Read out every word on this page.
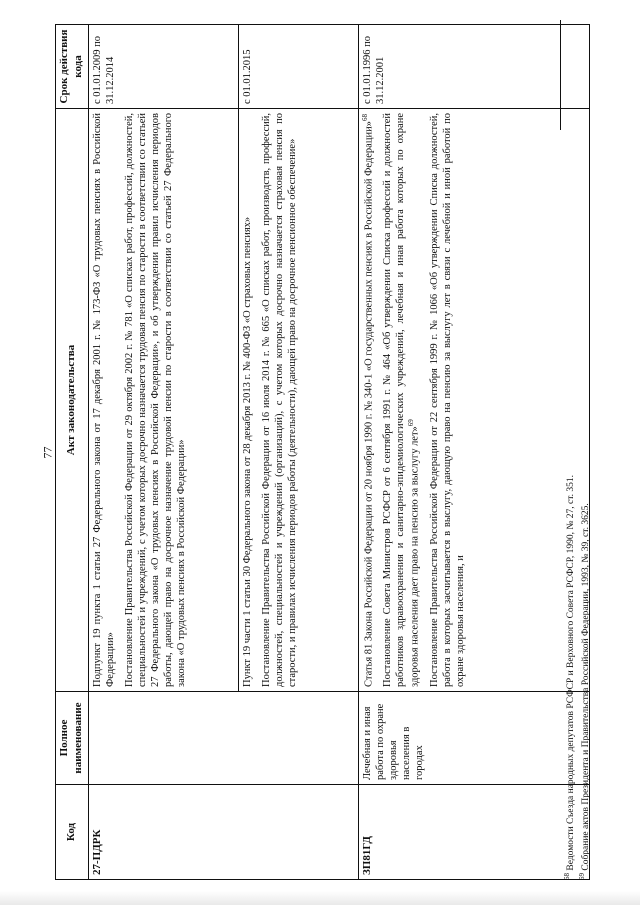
77
Код	Полное наименование	Акт законодательства	Срок действия кода
27-ПДРК		Подпункт 19 пункта 1 статьи 27 Федерального закона от 17 декабря 2001 г. № 173-ФЗ «О трудовых пенсиях в Российской Федерации» Постановление Правительства Российской Федерации от 29 октября 2002 г. № 781 «О списках работ, профессий, должностей, специальностей и учреждений, с учетом которых досрочно назначается трудовая пенсия по старости в соответствии со статьей 27 Федерального закона «О трудовых пенсиях в Российской Федерации», и об утверждении правил исчисления периодов работы, дающей право на досрочное назначение трудовой пенсии по старости в соответствии со статьей 27 Федерального закона «О трудовых пенсиях в Российской Федерации»	с 01.01.2009 по 31.12.2014

		Пункт 19 части 1 статьи 30 Федерального закона от 28 декабря 2013 г. № 400-ФЗ «О страховых пенсиях» Постановление Правительства Российской Федерации от 16 июля 2014 г. № 665 «О списках работ, производств, профессий, должностей, специальностей и учреждений (организаций), с учетом которых досрочно назначается страховая пенсия по старости, и правилах исчисления периодов работы (деятельности), дающей право на досрочное пенсионное обеспечение»	с 01.01.2015

ЗП81ГД	Лечебная и иная работа по охране здоровья населения в городах	Статья 81 Закона Российской Федерации от 20 ноября 1990 г. № 340-1 «О государственных пенсиях в Российской Федерации»$^{68}$ Постановление Совета Министров РСФСР от 6 сентября 1991 г. № 464 «Об утверждении Списка профессий и должностей работников здравоохранения и санитарно-эпидемиологических учреждений, лечебная и иная работа которых по охране здоровья населения дает право на пенсию за выслугу лет»$^{69}$ Постановление Правительства Российской Федерации от 22 сентября 1999 г. № 1066 «Об утверждении Списка должностей, работа в которых засчитывается в выслугу, дающую право на пенсию за выслугу лет в связи с лечебной и иной работой по охране здоровья населения, и	с 01.01.1996 по 31.12.2001

$^{68}$ Ведомости Съезда народных депутатов РСФСР и Верховного Совета РСФСР, 1990, № 27, ст. 351.
$^{69}$ Собрание актов Президента и Правительства Российской Федерации, 1993, № 39, ст. 3625.
